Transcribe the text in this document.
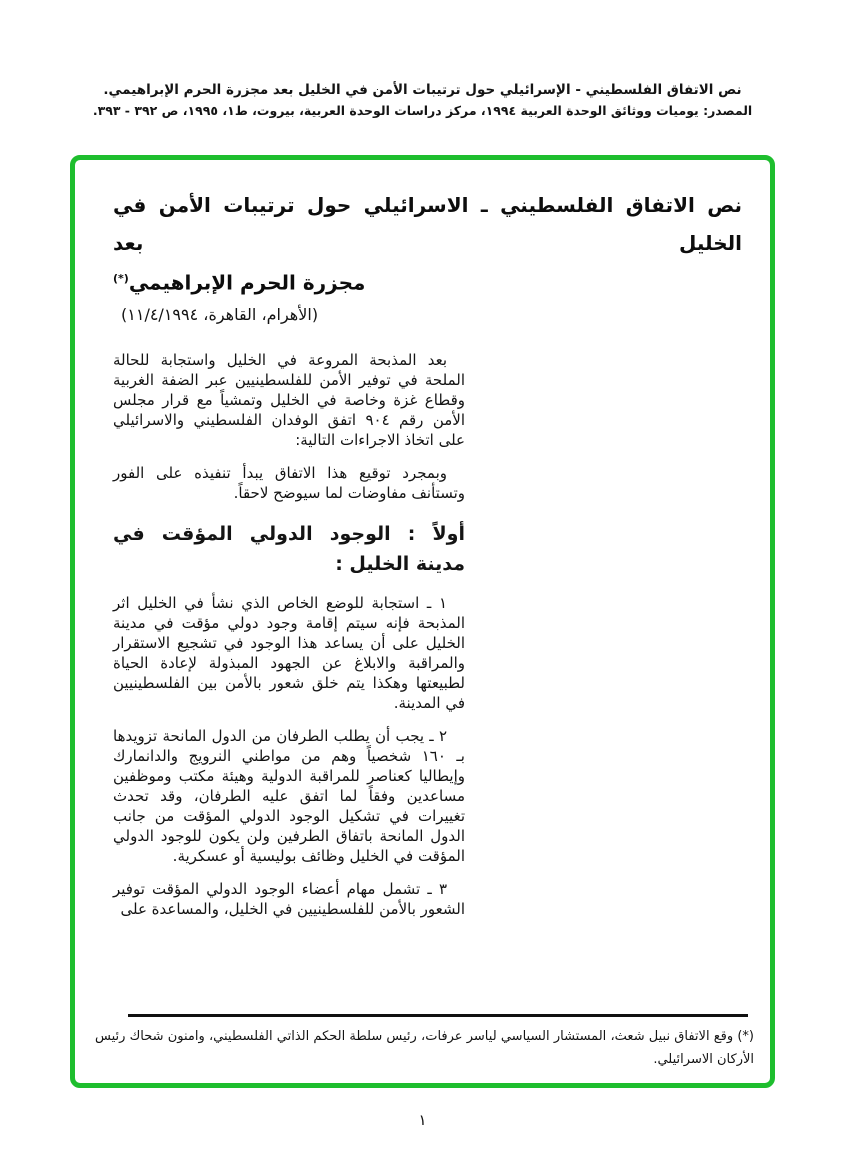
نص الاتفاق الفلسطيني - الإسرائيلي حول ترتيبات الأمن في الخليل بعد مجزرة الحرم الإبراهيمي.
المصدر: يوميات ووثائق الوحدة العربية ١٩٩٤، مركز دراسات الوحدة العربية، بيروت، ط١، ١٩٩٥، ص ٣٩٢ - ٣٩٣.
نص الاتفاق الفلسطيني ـ الاسرائيلي حول ترتيبات الأمن في الخليل بعد
مجزرة الحرم الإبراهيمي(*)
(الأهرام، القاهرة، ١١/٤/١٩٩٤)

بعد المذبحة المروعة في الخليل واستجابة للحالة الملحة في توفير الأمن للفلسطينيين عبر الضفة الغربية وقطاع غزة وخاصة في الخليل وتمشياً مع قرار مجلس الأمن رقم ٩٠٤ اتفق الوفدان الفلسطيني والاسرائيلي على اتخاذ الاجراءات التالية:

وبمجرد توقيع هذا الاتفاق يبدأ تنفيذه على الفور وتستأنف مفاوضات لما سيوضح لاحقاً.

أولاً : الوجود الدولي المؤقت في مدينة الخليل :

١ ـ استجابة للوضع الخاص الذي نشأ في الخليل اثر المذبحة فإنه سيتم إقامة وجود دولي مؤقت في مدينة الخليل على أن يساعد هذا الوجود في تشجيع الاستقرار والمراقبة والابلاغ عن الجهود المبذولة لإعادة الحياة لطبيعتها وهكذا يتم خلق شعور بالأمن بين الفلسطينيين في المدينة.

٢ ـ يجب أن يطلب الطرفان من الدول المانحة تزويدها بـ ١٦٠ شخصياً وهم من مواطني النرويج والدانمارك وإيطاليا كعناصر للمراقبة الدولية وهيئة مكتب وموظفين مساعدين وفقاً لما اتفق عليه الطرفان، وقد تحدث تغييرات في تشكيل الوجود الدولي المؤقت من جانب الدول المانحة باتفاق الطرفين ولن يكون للوجود الدولي المؤقت في الخليل وظائف بوليسية أو عسكرية.

٣ ـ تشمل مهام أعضاء الوجود الدولي المؤقت توفير الشعور بالأمن للفلسطينيين في الخليل، والمساعدة على

(*) وقع الاتفاق نبيل شعث، المستشار السياسي لياسر عرفات، رئيس سلطة الحكم الذاتي الفلسطيني، وامنون شحاك رئيس الأركان الاسرائيلي.
١
